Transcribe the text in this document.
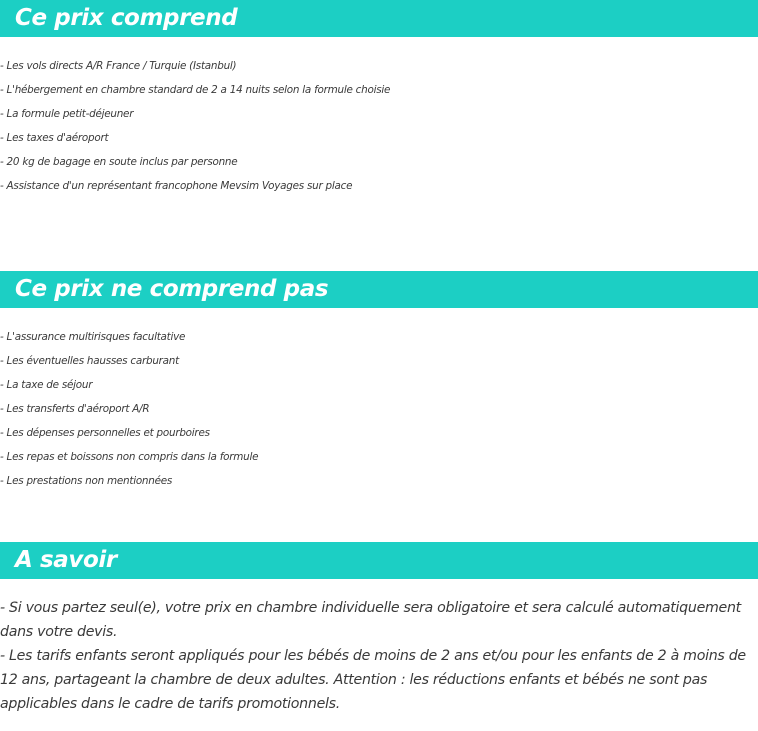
Ce prix comprend
- Les vols directs A/R France / Turquie (Istanbul)
- L'hébergement en chambre standard de 2 a 14 nuits selon la formule choisie
- La formule petit-déjeuner
- Les taxes d'aéroport
- 20 kg de bagage en soute inclus par personne
- Assistance d'un représentant francophone Mevsim Voyages sur place
Ce prix ne comprend pas
- L'assurance multirisques facultative
- Les éventuelles hausses carburant
- La taxe de séjour
- Les transferts d'aéroport A/R
- Les dépenses personnelles et pourboires
- Les repas et boissons non compris dans la formule
- Les prestations non mentionnées
A savoir

- Si vous partez seul(e), votre prix en chambre individuelle sera obligatoire et sera calculé automatiquement dans votre devis.

- Les tarifs enfants seront appliqués pour les bébés de moins de 2 ans et/ou pour les enfants de 2 à moins de 12 ans, partageant la chambre de deux adultes. Attention : les réductions enfants et bébés ne sont pas applicables dans le cadre de tarifs promotionnels.
